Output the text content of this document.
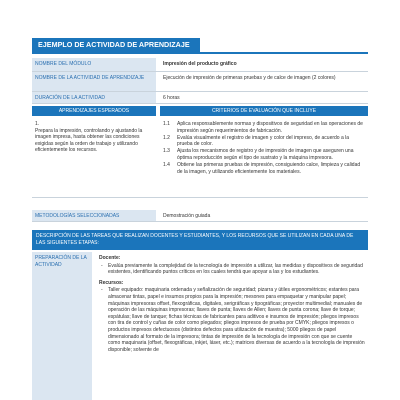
EJEMPLO DE ACTIVIDAD DE APRENDIZAJE
NOMBRE DEL MÓDULO	Impresión del producto gráfico
NOMBRE DE LA ACTIVIDAD DE APRENDIZAJE	Ejecución de impresión de primeras pruebas y de calce de imagen (2 colores)
DURACIÓN DE LA ACTIVIDAD	6 horas
APRENDIZAJES ESPERADOS	CRITERIOS DE EVALUACIÓN QUE INCLUYE
1.
Prepara la impresión, controlando y ajustando la imagen impresa, hasta obtener las condiciones exigidas según la orden de trabajo y utilizando eficientemente los recursos.
1.1 Aplica responsablemente normas y dispositivos de seguridad en las operaciones de impresión según requerimientos de fabricación.
1.2 Evalúa visualmente el registro de imagen y color del impreso, de acuerdo a la prueba de color.
1.3 Ajusta los mecanismos de registro y de impresión de imagen que aseguren una óptima reproducción según el tipo de sustrato y la máquina impresora.
1.4 Obtiene las primeras pruebas de impresión, consiguiendo calce, limpieza y calidad de la imagen, y utilizando eficientemente los materiales.
METODOLOGÍAS SELECCIONADAS	Demostración guiada
DESCRIPCIÓN DE LAS TAREAS QUE REALIZAN DOCENTES Y ESTUDIANTES, Y LOS RECURSOS QUE SE UTILIZAN EN CADA UNA DE LAS SIGUIENTES ETAPAS:
PREPARACIÓN DE LA ACTIVIDAD
Docente:
- Evalúa previamente la complejidad de la tecnología de impresión a utilizar, las medidas y dispositivos de seguridad existentes, identificando puntos críticos en los cuales tendrá que apoyar a las y los estudiantes.
Recursos:
- Taller equipado: maquinaria ordenada y señalización de seguridad; pizarra y útiles ergonométricos; estantes para almacenar tintas, papel e insumos propios para la impresión; mesones para empaquetar y manipular papel; máquinas impresoras offset, flexográficas, digitales, serigráficas y tipográficas; proyector multimedial; manuales de operación de las máquinas impresoras; llaves de punta; llaves de Allen; llaves de punta corona; llave de torque; espátulas; llave de tanque; fichas técnicas de fabricantes para aditivos e insumos de impresión; pliegos impresos con tira de control y cuñas de color como plegados; pliegos impresos de prueba por CMYK; pliegos impresos o productos impresos defectuosos (distintos defectos para utilización de muestra); 5000 pliegos de papel dimensionado al formato de la impresora; tintas de impresión de la tecnología de impresión con que se cuente como maquinaria (offset, flexográficas, inkjet, láser, etc.); matrices diversas de acuerdo a la tecnología de impresión disponible; solvente de
